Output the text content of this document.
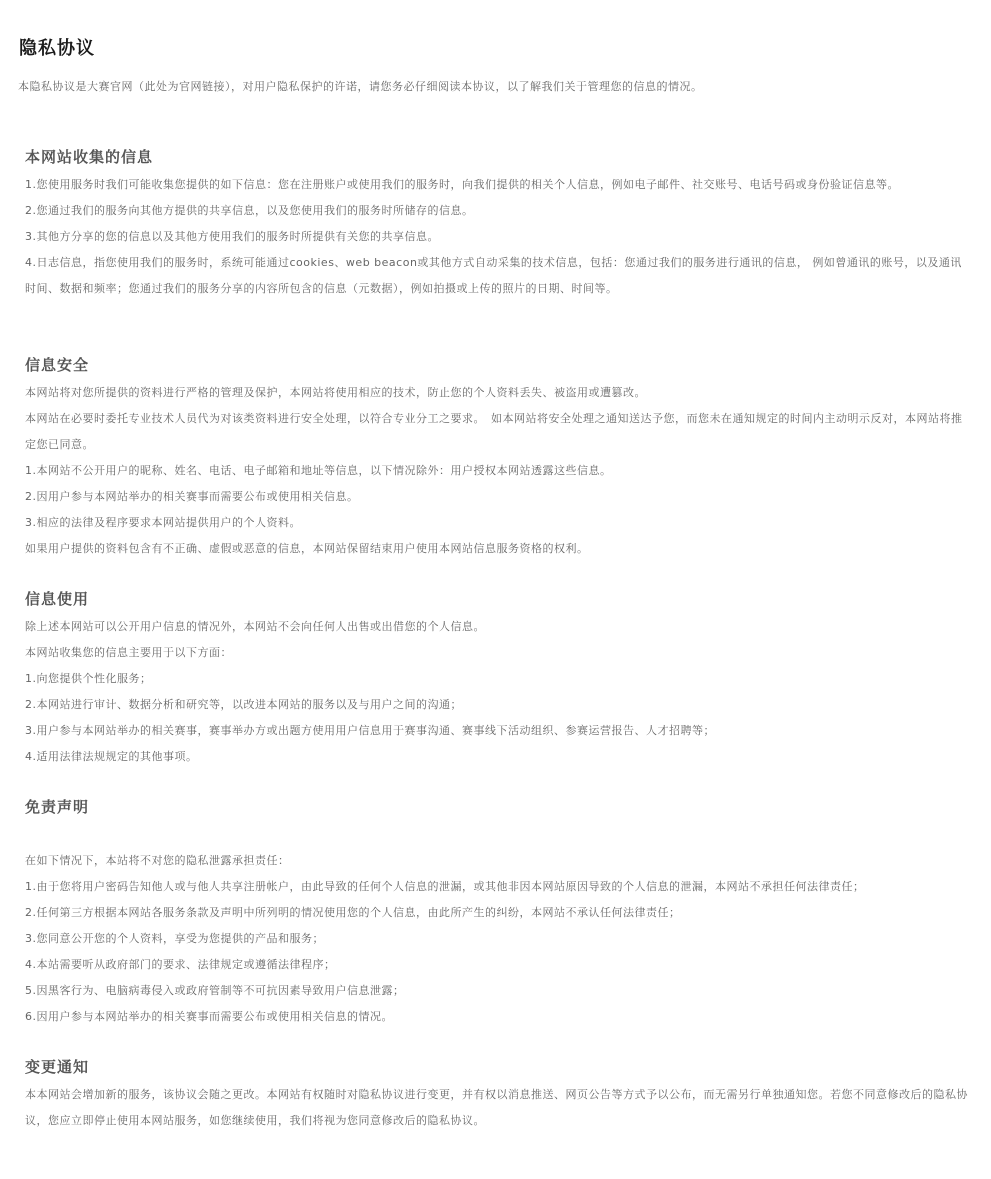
隐私协议

本隐私协议是大赛官网（此处为官网链接），对用户隐私保护的许诺，请您务必仔细阅读本协议，以了解我们关于管理您的信息的情况。

本网站收集的信息

1.您使用服务时我们可能收集您提供的如下信息：您在注册账户或使用我们的服务时，向我们提供的相关个人信息，例如电子邮件、社交账号、电话号码或身份验证信息等。

2.您通过我们的服务向其他方提供的共享信息，以及您使用我们的服务时所储存的信息。

3.其他方分享的您的信息以及其他方使用我们的服务时所提供有关您的共享信息。

4.日志信息，指您使用我们的服务时，系统可能通过cookies、web beacon或其他方式自动采集的技术信息，包括：您通过我们的服务进行通讯的信息， 例如曾通讯的账号，以及通讯时间、数据和频率；您通过我们的服务分享的内容所包含的信息（元数据），例如拍摄或上传的照片的日期、时间等。

信息安全

本网站将对您所提供的资料进行严格的管理及保护，本网站将使用相应的技术，防止您的个人资料丢失、被盗用或遭篡改。

本网站在必要时委托专业技术人员代为对该类资料进行安全处理，以符合专业分工之要求。　如本网站将安全处理之通知送达予您，而您未在通知规定的时间内主动明示反对，本网站将推定您已同意。

1.本网站不公开用户的昵称、姓名、电话、电子邮箱和地址等信息，以下情况除外：用户授权本网站透露这些信息。

2.因用户参与本网站举办的相关赛事而需要公布或使用相关信息。

3.相应的法律及程序要求本网站提供用户的个人资料。

如果用户提供的资料包含有不正确、虚假或恶意的信息，本网站保留结束用户使用本网站信息服务资格的权利。

信息使用

除上述本网站可以公开用户信息的情况外，本网站不会向任何人出售或出借您的个人信息。

本网站收集您的信息主要用于以下方面：

1.向您提供个性化服务；

2.本网站进行审计、数据分析和研究等，以改进本网站的服务以及与用户之间的沟通；

3.用户参与本网站举办的相关赛事，赛事举办方或出题方使用用户信息用于赛事沟通、赛事线下活动组织、参赛运营报告、人才招聘等；

4.适用法律法规规定的其他事项。

免责声明

在如下情况下，本站将不对您的隐私泄露承担责任：

1.由于您将用户密码告知他人或与他人共享注册帐户，由此导致的任何个人信息的泄漏，或其他非因本网站原因导致的个人信息的泄漏，本网站不承担任何法律责任；

2.任何第三方根据本网站各服务条款及声明中所列明的情况使用您的个人信息，由此所产生的纠纷，本网站不承认任何法律责任；

3.您同意公开您的个人资料，享受为您提供的产品和服务；

4.本站需要听从政府部门的要求、法律规定或遵循法律程序；

5.因黑客行为、电脑病毒侵入或政府管制等不可抗因素导致用户信息泄露；

6.因用户参与本网站举办的相关赛事而需要公布或使用相关信息的情况。

变更通知

本本网站会增加新的服务，该协议会随之更改。本网站有权随时对隐私协议进行变更，并有权以消息推送、网页公告等方式予以公布，而无需另行单独通知您。若您不同意修改后的隐私协议，您应立即停止使用本网站服务，如您继续使用，我们将视为您同意修改后的隐私协议。
